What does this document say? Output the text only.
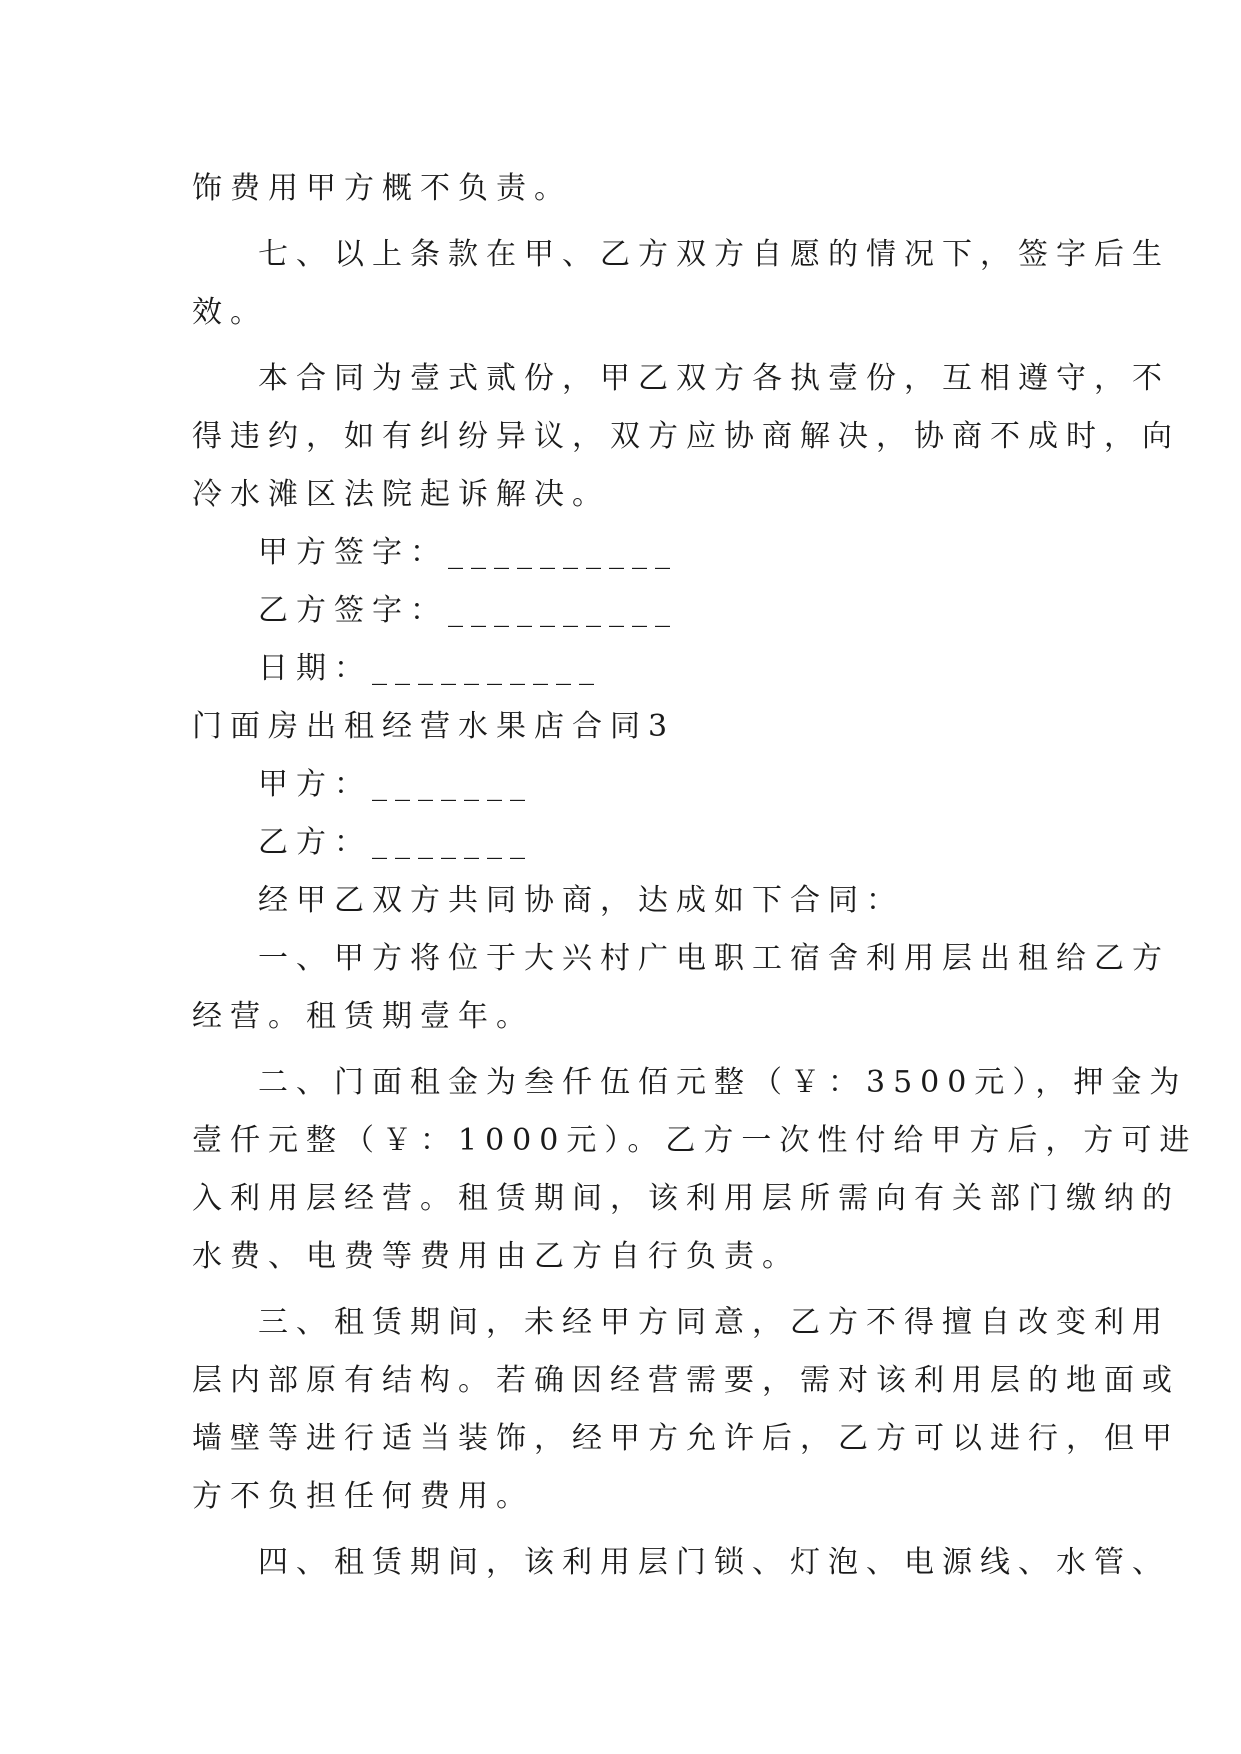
饰费用甲方概不负责。
七、以上条款在甲、乙方双方自愿的情况下，签字后生
效。
本合同为壹式贰份，甲乙双方各执壹份，互相遵守，不
得违约，如有纠纷异议，双方应协商解决，协商不成时，向
冷水滩区法院起诉解决。
甲方签字：__________
乙方签字：__________
日期：__________
门面房出租经营水果店合同3
甲方：_______
乙方：_______
经甲乙双方共同协商，达成如下合同：
一、甲方将位于大兴村广电职工宿舍利用层出租给乙方
经营。租赁期壹年。
二、门面租金为叁仟伍佰元整（￥：3500元），押金为
壹仟元整（￥：1000元）。乙方一次性付给甲方后，方可进
入利用层经营。租赁期间，该利用层所需向有关部门缴纳的
水费、电费等费用由乙方自行负责。
三、租赁期间，未经甲方同意，乙方不得擅自改变利用
层内部原有结构。若确因经营需要，需对该利用层的地面或
墙壁等进行适当装饰，经甲方允许后，乙方可以进行，但甲
方不负担任何费用。
四、租赁期间，该利用层门锁、灯泡、电源线、水管、
